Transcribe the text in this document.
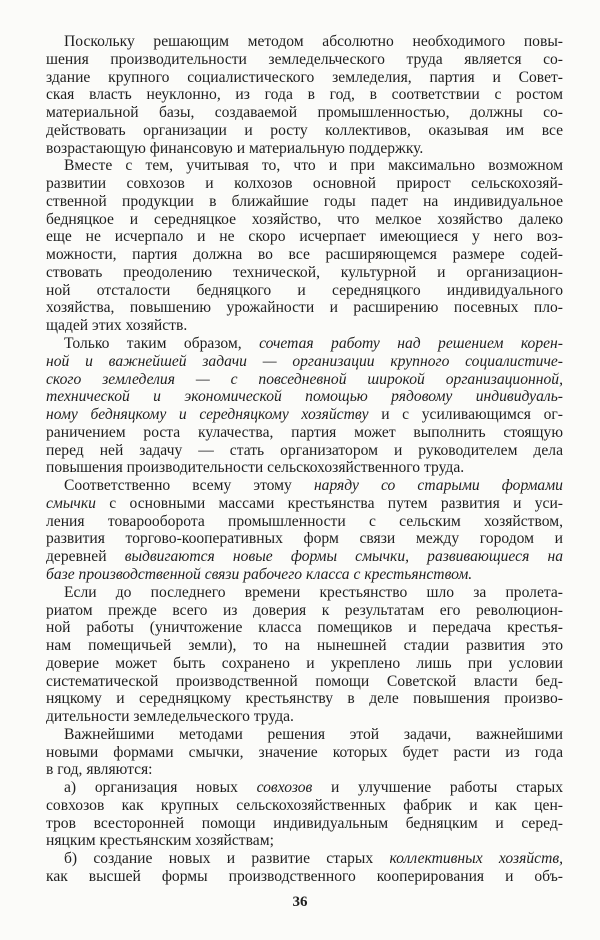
Поскольку решающим методом абсолютно необходимого повы-
шения производительности земледельческого труда является со-
здание крупного социалистического земледелия, партия и Совет-
ская власть неуклонно, из года в год, в соответствии с ростом
материальной базы, создаваемой промышленностью, должны со-
действовать организации и росту коллективов, оказывая им все
возрастающую финансовую и материальную поддержку.
Вместе с тем, учитывая то, что и при максимально возможном
развитии совхозов и колхозов основной прирост сельскохозяй-
ственной продукции в ближайшие годы падет на индивидуальное
бедняцкое и середняцкое хозяйство, что мелкое хозяйство далеко
еще не исчерпало и не скоро исчерпает имеющиеся у него воз-
можности, партия должна во все расширяющемся размере содей-
ствовать преодолению технической, культурной и организацион-
ной отсталости бедняцкого и середняцкого индивидуального
хозяйства, повышению урожайности и расширению посевных пло-
щадей этих хозяйств.
Только таким образом, сочетая работу над решением корен-
ной и важнейшей задачи — организации крупного социалистиче-
ского земледелия — с повседневной широкой организационной,
технической и экономической помощью рядовому индивидуаль-
ному бедняцкому и середняцкому хозяйству и с усиливающимся ог-
раничением роста кулачества, партия может выполнить стоящую
перед ней задачу — стать организатором и руководителем дела
повышения производительности сельскохозяйственного труда.
Соответственно всему этому наряду со старыми формами
смычки с основными массами крестьянства путем развития и уси-
ления товарооборота промышленности с сельским хозяйством,
развития торгово-кооперативных форм связи между городом и
деревней выдвигаются новые формы смычки, развивающиеся на
базе производственной связи рабочего класса с крестьянством.
Если до последнего времени крестьянство шло за пролета-
риатом прежде всего из доверия к результатам его революцион-
ной работы (уничтожение класса помещиков и передача крестья-
нам помещичьей земли), то на нынешней стадии развития это
доверие может быть сохранено и укреплено лишь при условии
систематической производственной помощи Советской власти бед-
няцкому и середняцкому крестьянству в деле повышения произво-
дительности земледельческого труда.
Важнейшими методами решения этой задачи, важнейшими
новыми формами смычки, значение которых будет расти из года
в год, являются:
а) организация новых совхозов и улучшение работы старых
совхозов как крупных сельскохозяйственных фабрик и как цен-
тров всесторонней помощи индивидуальным бедняцким и серед-
няцким крестьянским хозяйствам;
б) создание новых и развитие старых коллективных хозяйств,
как высшей формы производственного кооперирования и объ-
36
